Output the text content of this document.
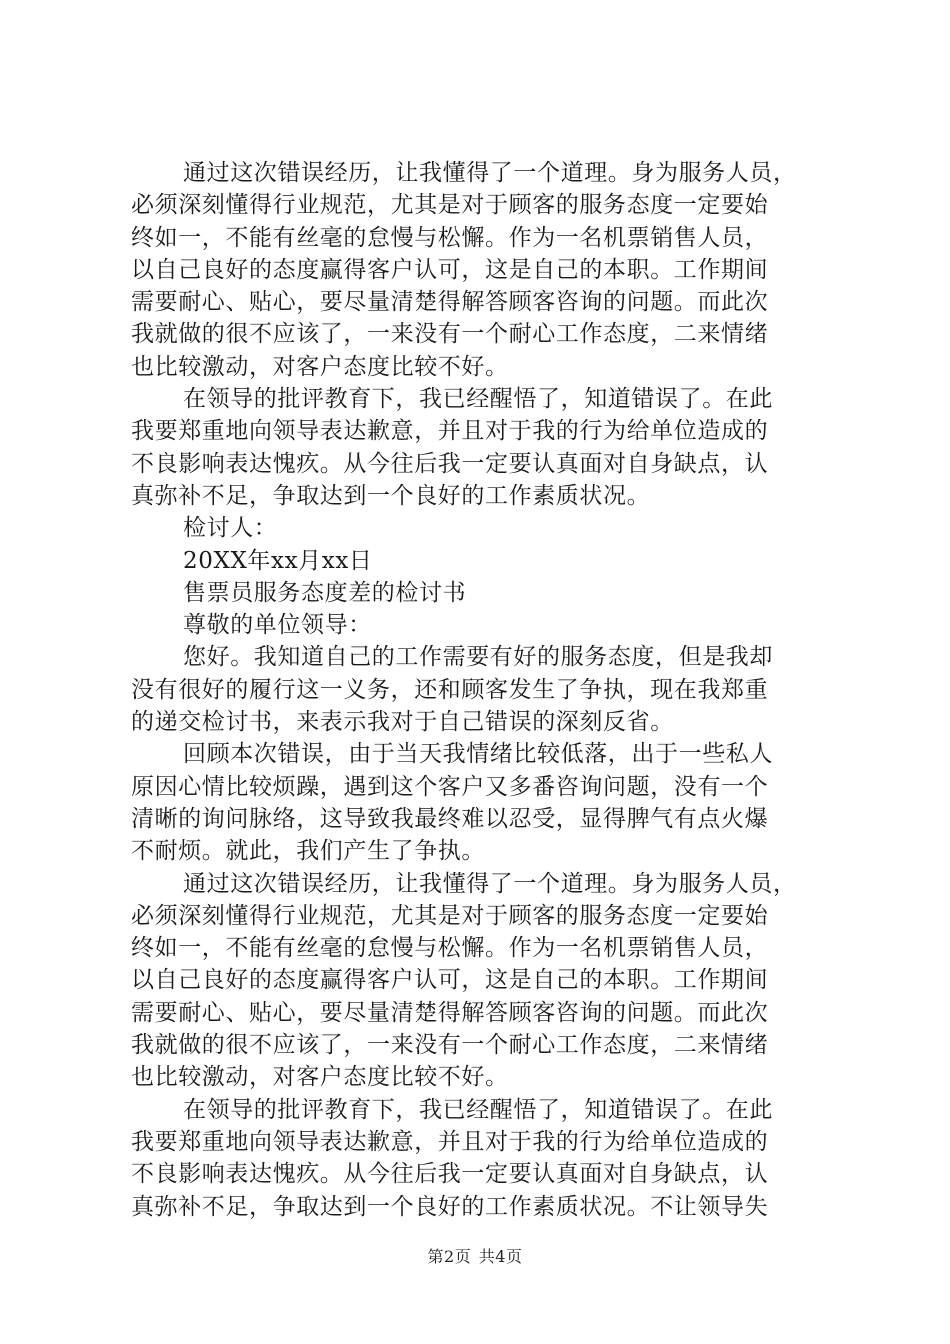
通过这次错误经历，让我懂得了一个道理。身为服务人员，
必须深刻懂得行业规范，尤其是对于顾客的服务态度一定要始
终如一，不能有丝毫的怠慢与松懈。作为一名机票销售人员，
以自己良好的态度赢得客户认可，这是自己的本职。工作期间
需要耐心、贴心，要尽量清楚得解答顾客咨询的问题。而此次
我就做的很不应该了，一来没有一个耐心工作态度，二来情绪
也比较激动，对客户态度比较不好。
在领导的批评教育下，我已经醒悟了，知道错误了。在此
我要郑重地向领导表达歉意，并且对于我的行为给单位造成的
不良影响表达愧疚。从今往后我一定要认真面对自身缺点，认
真弥补不足，争取达到一个良好的工作素质状况。
检讨人：
20XX年xx月xx日
售票员服务态度差的检讨书
尊敬的单位领导：
您好。我知道自己的工作需要有好的服务态度，但是我却
没有很好的履行这一义务，还和顾客发生了争执，现在我郑重
的递交检讨书，来表示我对于自己错误的深刻反省。
回顾本次错误，由于当天我情绪比较低落，出于一些私人
原因心情比较烦躁，遇到这个客户又多番咨询问题，没有一个
清晰的询问脉络，这导致我最终难以忍受，显得脾气有点火爆
不耐烦。就此，我们产生了争执。
通过这次错误经历，让我懂得了一个道理。身为服务人员，
必须深刻懂得行业规范，尤其是对于顾客的服务态度一定要始
终如一，不能有丝毫的怠慢与松懈。作为一名机票销售人员，
以自己良好的态度赢得客户认可，这是自己的本职。工作期间
需要耐心、贴心，要尽量清楚得解答顾客咨询的问题。而此次
我就做的很不应该了，一来没有一个耐心工作态度，二来情绪
也比较激动，对客户态度比较不好。
在领导的批评教育下，我已经醒悟了，知道错误了。在此
我要郑重地向领导表达歉意，并且对于我的行为给单位造成的
不良影响表达愧疚。从今往后我一定要认真面对自身缺点，认
真弥补不足，争取达到一个良好的工作素质状况。不让领导失
第2页 共4页
